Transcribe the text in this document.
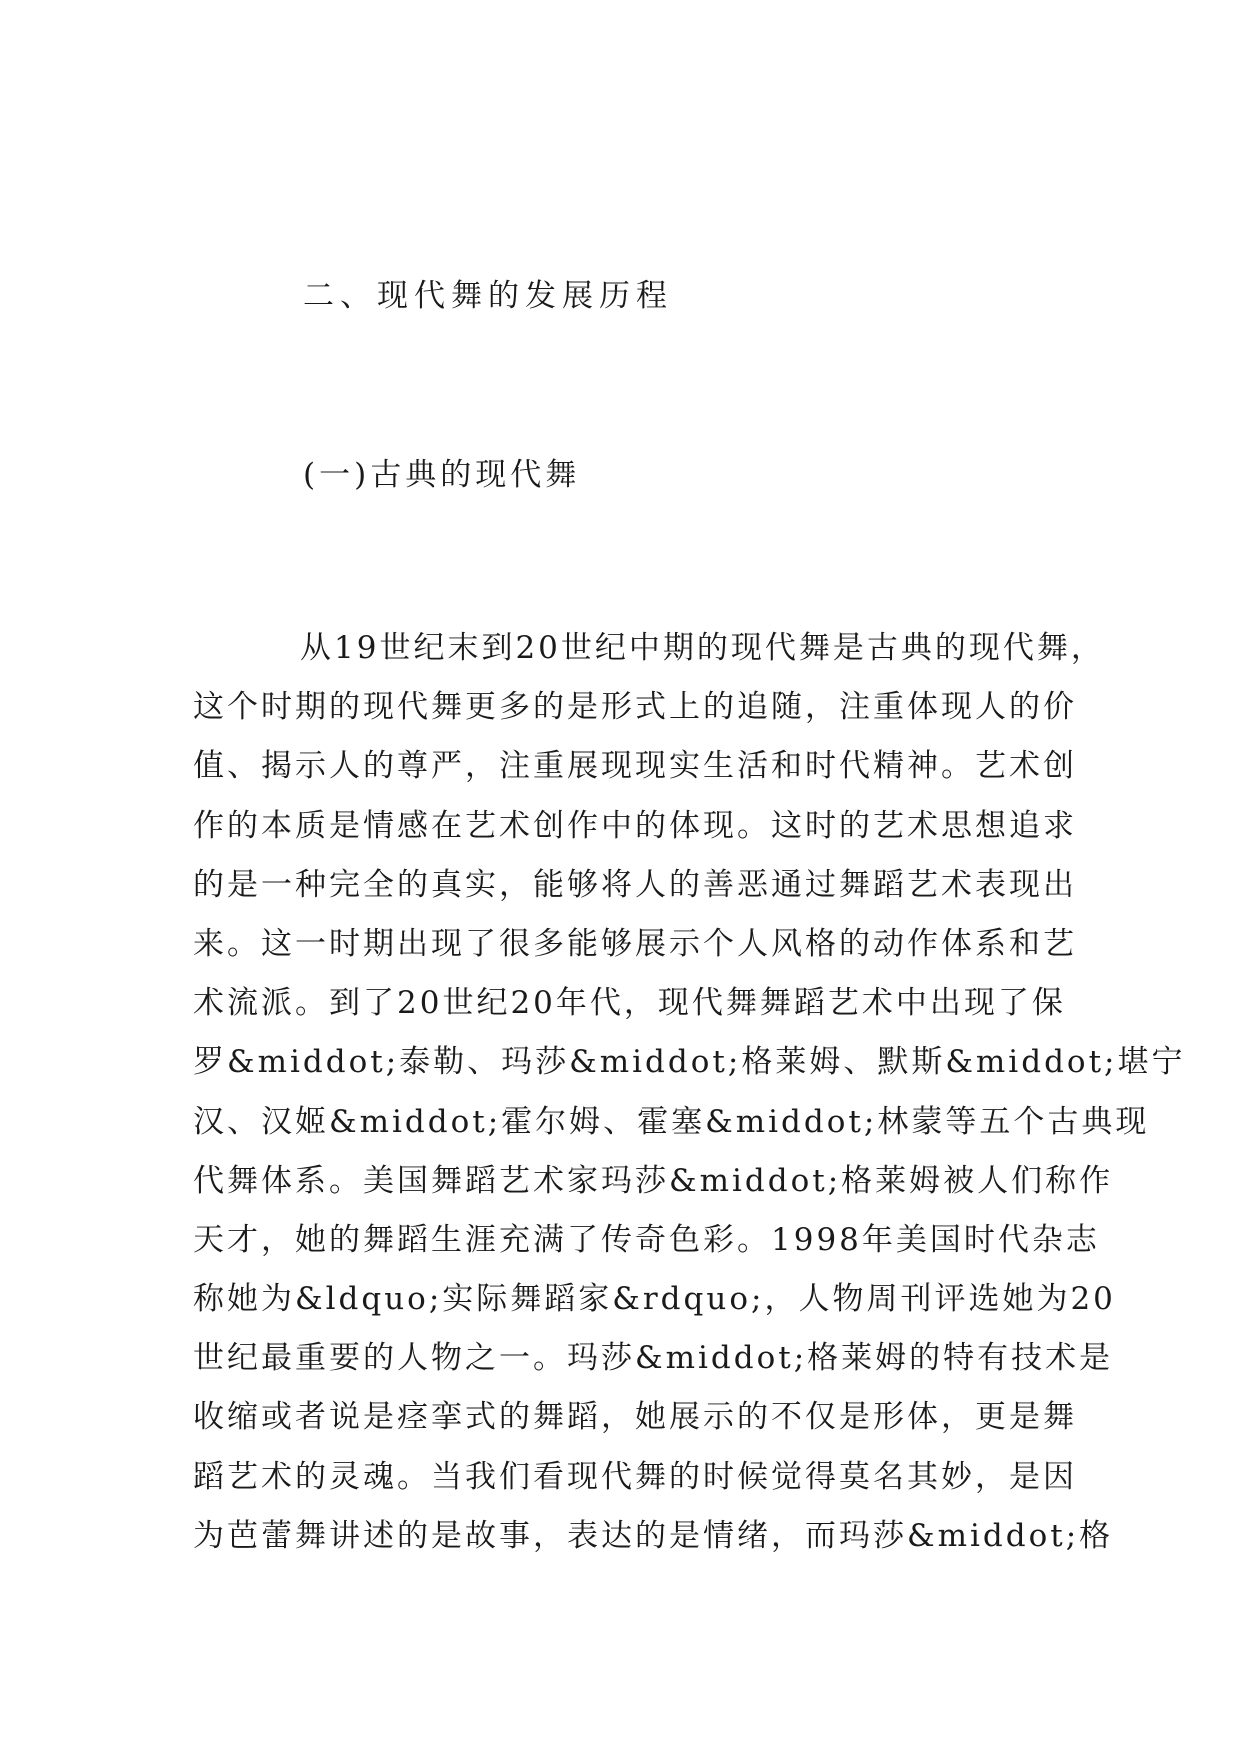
二、现代舞的发展历程
(一)古典的现代舞
从19世纪末到20世纪中期的现代舞是古典的现代舞，
这个时期的现代舞更多的是形式上的追随，注重体现人的价
值、揭示人的尊严，注重展现现实生活和时代精神。艺术创
作的本质是情感在艺术创作中的体现。这时的艺术思想追求
的是一种完全的真实，能够将人的善恶通过舞蹈艺术表现出
来。这一时期出现了很多能够展示个人风格的动作体系和艺
术流派。到了20世纪20年代，现代舞舞蹈艺术中出现了保
罗&middot;泰勒、玛莎&middot;格莱姆、默斯&middot;堪宁
汉、汉姬&middot;霍尔姆、霍塞&middot;林蒙等五个古典现
代舞体系。美国舞蹈艺术家玛莎&middot;格莱姆被人们称作
天才，她的舞蹈生涯充满了传奇色彩。1998年美国时代杂志
称她为&ldquo;实际舞蹈家&rdquo;，人物周刊评选她为20
世纪最重要的人物之一。玛莎&middot;格莱姆的特有技术是
收缩或者说是痉挛式的舞蹈，她展示的不仅是形体，更是舞
蹈艺术的灵魂。当我们看现代舞的时候觉得莫名其妙，是因
为芭蕾舞讲述的是故事，表达的是情绪，而玛莎&middot;格
